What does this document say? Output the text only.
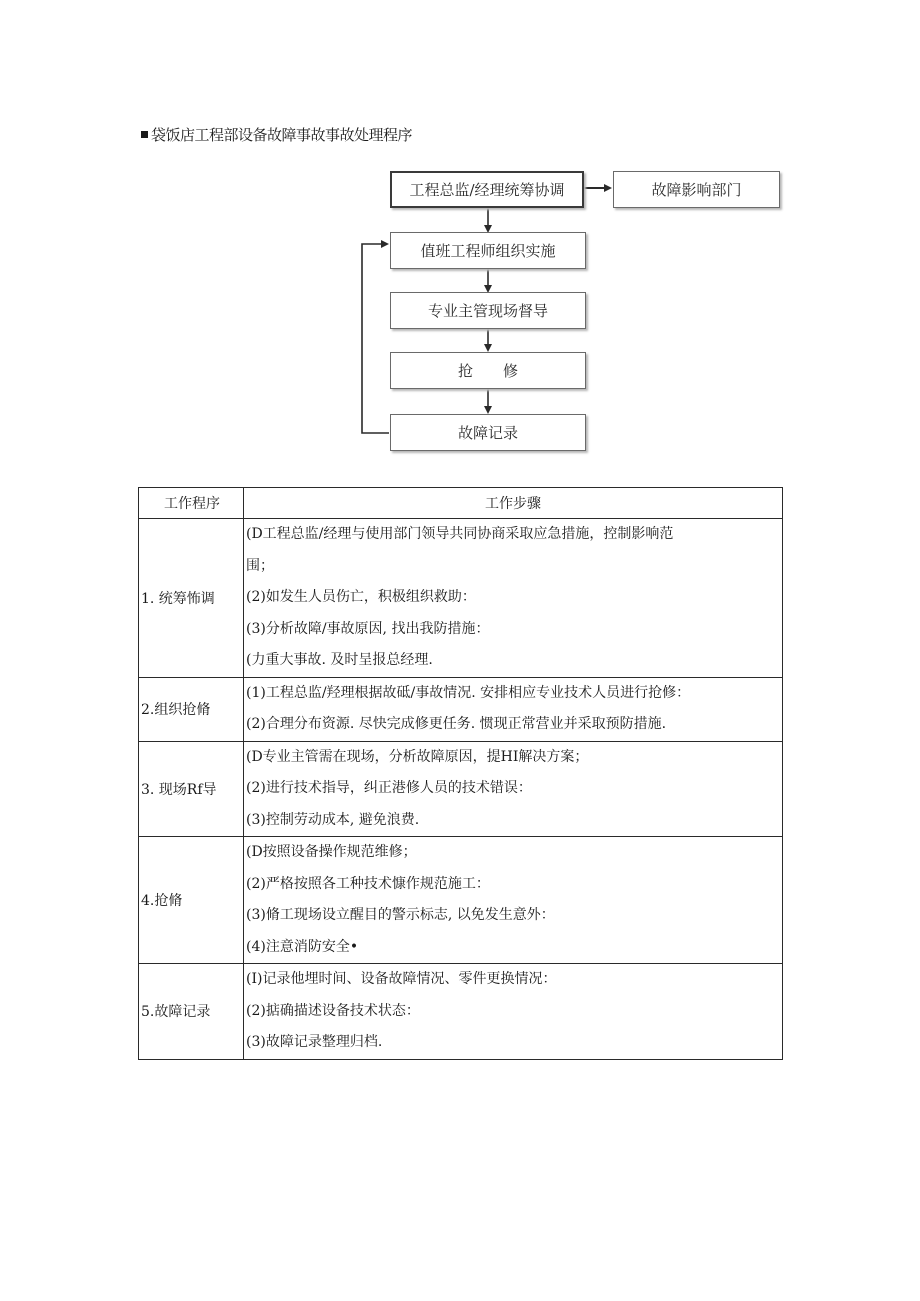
袋饭店工程部设备故障事故事故处理程序
工程总监/经理统筹协调	故障影响部门
值班工程师组织实施
专业主管现场督导
抢　　修
故障记录
工作程序	工作步骤

1. 统筹怖调	(D工程总监/经理与使用部门领导共同协商采取应急措施，控制影响范
围；
(2)如发生人员伤亡，积极组织救助：
(3)分析故障/事故原因, 找出我防措施：
(力重大事故. 及时呈报总经理.

2.组织抢脩	(1)工程总监/羟理根据故砥/事故情况. 安排相应专业技术人员进行抢修：
(2)合理分布资源. 尽快完成修更任务. 惯现正常营业并采取预防措施.

3. 现场Rf导	(D专业主管需在现场，分析故障原因，提HI解决方案；
(2)进行技术指导，纠正港修人员的技术错误：
(3)控制劳动成本, 避免浪费.

4.抢脩	(D按照设备操作规范维修；
(2)严格按照各工种技术慷作规范施工：
(3)脩工现场设立醒目的警示标志, 以免发生意外：
(4)注意消防安全•

5.故障记录	(I)记录他埋时间、设备故障情况、零件更换情况：
(2)掂确描述设备技术状态：
(3)故障记录整理归档.
